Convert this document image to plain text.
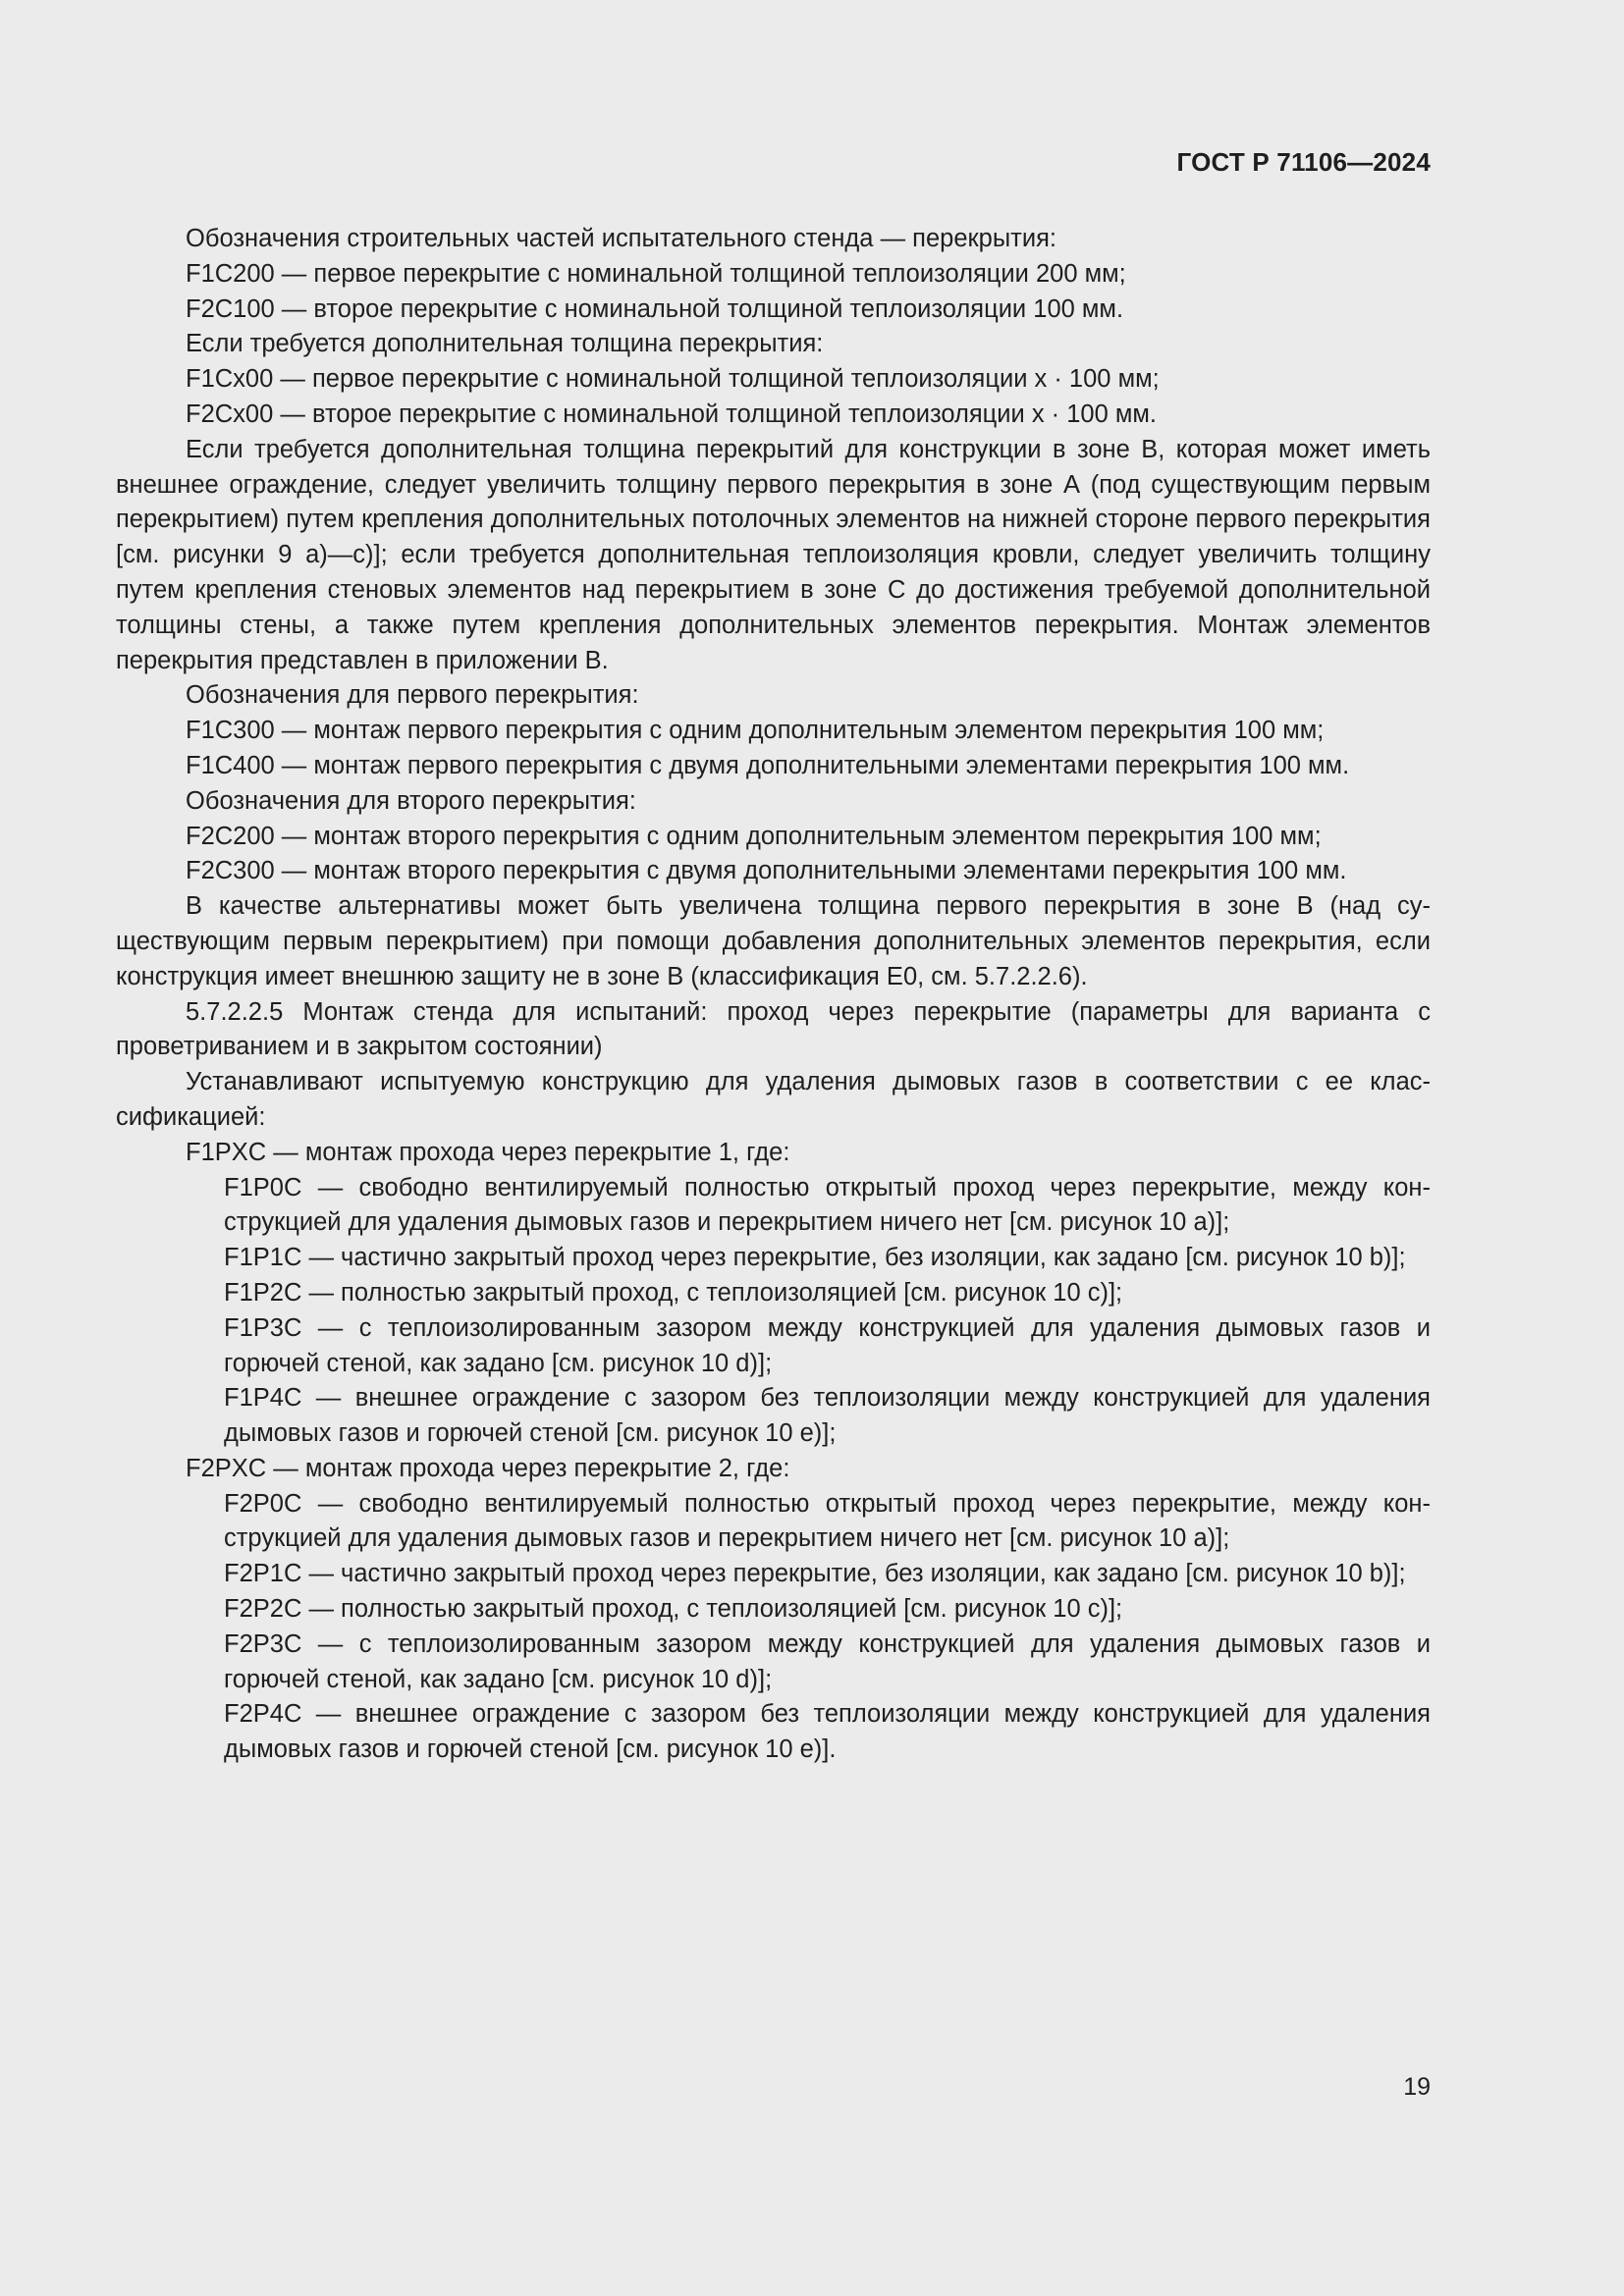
ГОСТ Р 71106—2024

Обозначения строительных частей испытательного стенда — перекрытия:

F1C200 — первое перекрытие с номинальной толщиной теплоизоляции 200 мм;

F2C100 — второе перекрытие с номинальной толщиной теплоизоляции 100 мм.

Если требуется дополнительная толщина перекрытия:

F1Cx00 — первое перекрытие с номинальной толщиной теплоизоляции x · 100 мм;

F2Cx00 — второе перекрытие с номинальной толщиной теплоизоляции x · 100 мм.

Если требуется дополнительная толщина перекрытий для конструкции в зоне B, которая может иметь внешнее ограждение, следует увеличить толщину первого перекрытия в зоне А (под существующим первым перекрытием) путем крепления дополнительных потолочных элементов на нижней стороне первого перекрытия [см. рисунки 9 а)—c)]; если требуется дополнительная теплоизоляция кровли, следует увеличить толщину путем крепления стеновых элементов над перекрытием в зоне С до достижения требуемой дополнительной толщины стены, а также путем крепления дополнительных элементов перекрытия. Монтаж элементов перекрытия представлен в приложении В.

Обозначения для первого перекрытия:

F1C300 — монтаж первого перекрытия с одним дополнительным элементом перекрытия 100 мм;

F1C400 — монтаж первого перекрытия с двумя дополнительными элементами перекрытия 100 мм.

Обозначения для второго перекрытия:

F2C200 — монтаж второго перекрытия с одним дополнительным элементом перекрытия 100 мм;

F2C300 — монтаж второго перекрытия с двумя дополнительными элементами перекрытия 100 мм.

В качестве альтернативы может быть увеличена толщина первого перекрытия в зоне В (над существующим первым перекрытием) при помощи добавления дополнительных элементов перекрытия, если конструкция имеет внешнюю защиту не в зоне В (классификация Е0, см. 5.7.2.2.6).

5.7.2.2.5 Монтаж стенда для испытаний: проход через перекрытие (параметры для варианта с проветриванием и в закрытом состоянии)

Устанавливают испытуемую конструкцию для удаления дымовых газов в соответствии с ее классификацией:

F1PXC — монтаж прохода через перекрытие 1, где:

F1P0C — свободно вентилируемый полностью открытый проход через перекрытие, между конструкцией для удаления дымовых газов и перекрытием ничего нет [см. рисунок 10 а)];

F1P1C — частично закрытый проход через перекрытие, без изоляции, как задано [см. рисунок 10 b)];

F1P2C — полностью закрытый проход, с теплоизоляцией [см. рисунок 10 с)];

F1P3C — с теплоизолированным зазором между конструкцией для удаления дымовых газов и горючей стеной, как задано [см. рисунок 10 d)];

F1P4C — внешнее ограждение с зазором без теплоизоляции между конструкцией для удаления дымовых газов и горючей стеной [см. рисунок 10 е)];

F2PXC — монтаж прохода через перекрытие 2, где:

F2P0C — свободно вентилируемый полностью открытый проход через перекрытие, между конструкцией для удаления дымовых газов и перекрытием ничего нет [см. рисунок 10 а)];

F2P1C — частично закрытый проход через перекрытие, без изоляции, как задано [см. рисунок 10 b)];

F2P2C — полностью закрытый проход, с теплоизоляцией [см. рисунок 10 с)];

F2P3C — с теплоизолированным зазором между конструкцией для удаления дымовых газов и горючей стеной, как задано [см. рисунок 10 d)];

F2P4C — внешнее ограждение с зазором без теплоизоляции между конструкцией для удаления дымовых газов и горючей стеной [см. рисунок 10 е)].

19
